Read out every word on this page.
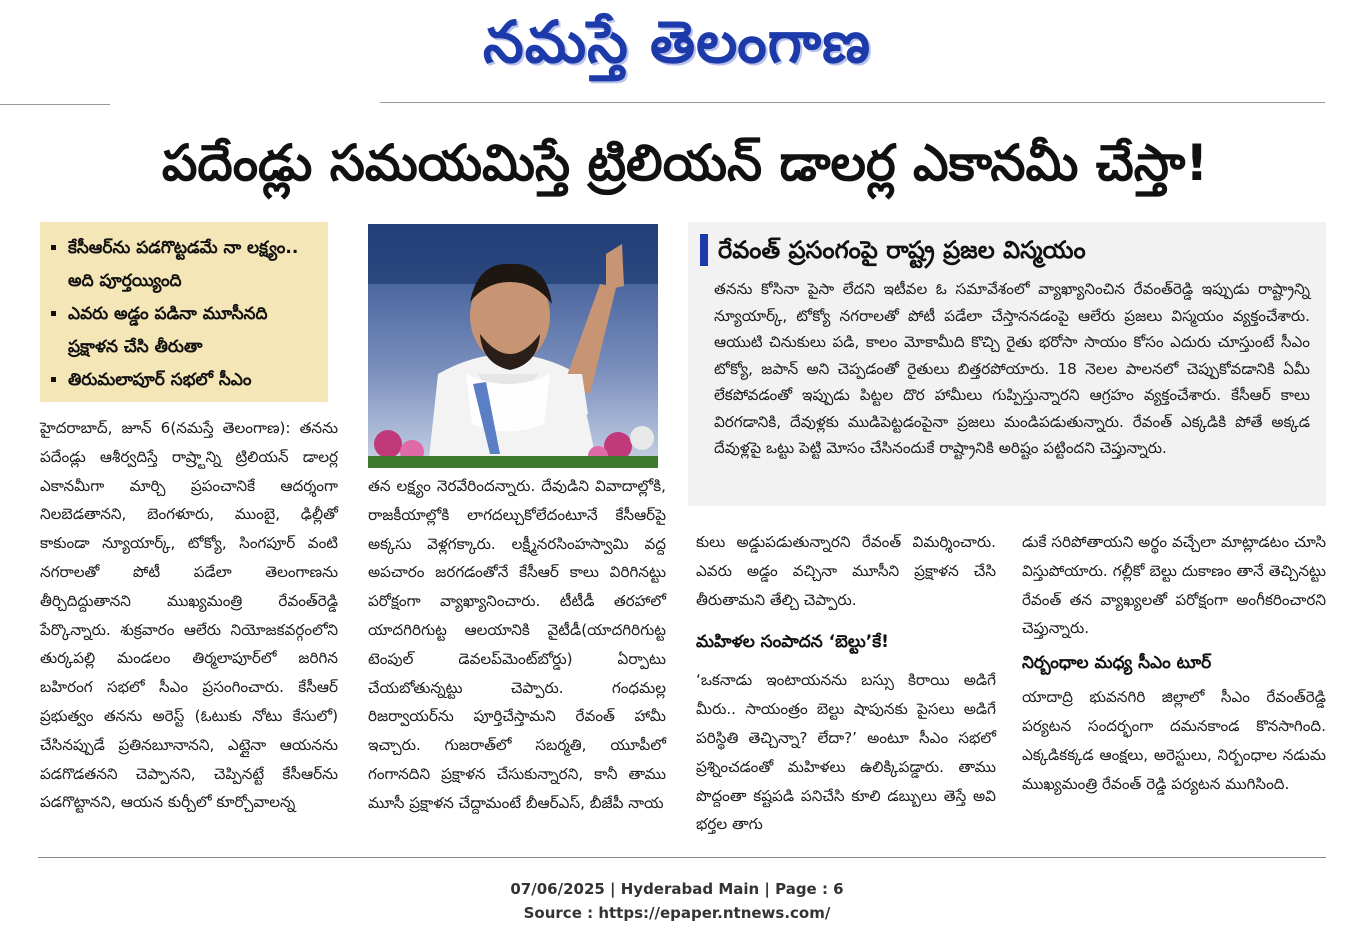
నమస్తే తెలంగాణ
పదేండ్లు సమయమిస్తే ట్రిలియన్ డాలర్ల ఎకానమీ చేస్తా!
▪ కేసీఆర్‌ను పడగొట్టడమే నా లక్ష్యం.. అది పూర్తయ్యింది
▪ ఎవరు అడ్డం పడినా మూసీనది ప్రక్షాళన చేసి తీరుతా
▪ తిరుమలాపూర్ సభలో సీఎం
రేవంత్ ప్రసంగంపై రాష్ట్ర ప్రజల విస్మయం

తనను కోసినా పైసా లేదని ఇటీవల ఓ సమావేశంలో వ్యాఖ్యానించిన రేవంత్‌రెడ్డి ఇప్పుడు రాష్ట్రాన్ని న్యూయార్క్, టోక్యో నగరాలతో పోటీ పడేలా చేస్తాననడంపై ఆలేరు ప్రజలు విస్మయం వ్యక్తంచేశారు. ఆయుటి చినుకులు పడి, కాలం మోకామీది కొచ్చి రైతు భరోసా సాయం కోసం ఎదురు చూస్తుంటే సీఎం టోక్యో, జపాన్ అని చెప్పడంతో రైతులు బిత్తరపోయారు. 18 నెలల పాలనలో చెప్పుకోవడానికి ఏమీ లేకపోవడంతో ఇప్పుడు పిట్టల దొర హామీలు గుప్పిస్తున్నారని ఆగ్రహం వ్యక్తంచేశారు. కేసీఆర్ కాలు విరగడానికి, దేవుళ్లకు ముడిపెట్టడంపైనా ప్రజలు మండిపడుతున్నారు. రేవంత్ ఎక్కడికి పోతే అక్కడ దేవుళ్లపై ఒట్టు పెట్టి మోసం చేసినందుకే రాష్ట్రానికి అరిష్టం పట్టిందని చెప్తున్నారు.

హైదరాబాద్, జూన్ 6(నమస్తే తెలంగాణ): తనను పదేండ్లు ఆశీర్వదిస్తే రాష్ర్టాన్ని ట్రిలియన్ డాలర్ల ఎకానమీగా మార్చి ప్రపంచానికే ఆదర్శంగా నిలబెడతానని, బెంగళూరు, ముంబై, ఢిల్లీతో కాకుండా న్యూయార్క్, టోక్యో, సింగపూర్ వంటి నగరాలతో పోటీ పడేలా తెలంగాణను తీర్చిదిద్దుతానని ముఖ్యమంత్రి రేవంత్‌రెడ్డి పేర్కొన్నారు. శుక్రవారం ఆలేరు నియోజకవర్గంలోని తుర్కపల్లి మండలం తిర్మలాపూర్‌లో జరిగిన బహిరంగ సభలో సీఎం ప్రసంగించారు. కేసీఆర్ ప్రభుత్వం తనను అరెస్ట్ (ఓటుకు నోటు కేసులో) చేసినప్పుడే ప్రతినబూనానని, ఎట్లైనా ఆయనను పడగొడతనని చెప్పానని, చెప్పినట్టే కేసీఆర్‌ను పడగొట్టానని, ఆయన కుర్చీలో కూర్చోవాలన్న

తన లక్ష్యం నెరవేరిందన్నారు. దేవుడిని వివాదాల్లోకి, రాజకీయాల్లోకి లాగదల్చుకోలేదంటూనే కేసీఆర్‌పై అక్కసు వెళ్లగక్కారు. లక్ష్మీనరసింహస్వామి వద్ద అపచారం జరగడంతోనే కేసీఆర్ కాలు విరిగినట్టు పరోక్షంగా వ్యాఖ్యానించారు. టీటీడీ తరహాలో యాదగిరిగుట్ట ఆలయానికి వైటీడీ(యాదగిరిగుట్ట టెంపుల్ డెవలప్‌మెంట్‌బోర్డు) ఏర్పాటు చేయబోతున్నట్టు చెప్పారు. గంధమల్ల రిజర్వాయర్‌ను పూర్తిచేస్తామని రేవంత్ హామీ ఇచ్చారు. గుజరాత్‌లో సబర్మతి, యూపీలో గంగానదిని ప్రక్షాళన చేసుకున్నారని, కానీ తాము మూసీ ప్రక్షాళన చేద్దామంటే బీఆర్‌ఎస్, బీజేపీ నాయ

కులు అడ్డుపడుతున్నారని రేవంత్ విమర్శించారు. ఎవరు అడ్డం వచ్చినా మూసీని ప్రక్షాళన చేసి తీరుతామని తేల్చి చెప్పారు.

మహిళల సంపాదన ‘బెల్టు’కే!

‘ఒకనాడు ఇంటాయనను బస్సు కిరాయి అడిగే మీరు.. సాయంత్రం బెల్టు షాపునకు పైసలు అడిగే పరిస్థితి తెచ్చిన్నా? లేదా?’ అంటూ సీఎం సభలో ప్రశ్నించడంతో మహిళలు ఉలిక్కిపడ్డారు. తాము పొద్దంతా కష్టపడి పనిచేసి కూలి డబ్బులు తెస్తే అవి భర్తల తాగు

డుకే సరిపోతాయని అర్థం వచ్చేలా మాట్లాడటం చూసి విస్తుపోయారు. గల్లీకో బెల్టు దుకాణం తానే తెచ్చినట్టు రేవంత్ తన వ్యాఖ్యలతో పరోక్షంగా అంగీకరించారని చెప్తున్నారు.

నిర్బంధాల మధ్య సీఎం టూర్

యాదాద్రి భువనగిరి జిల్లాలో సీఎం రేవంత్‌రెడ్డి పర్యటన సందర్భంగా దమనకాండ కొనసాగింది. ఎక్కడికక్కడ ఆంక్షలు, అరెస్టులు, నిర్బంధాల నడుమ ముఖ్యమంత్రి రేవంత్ రెడ్డి పర్యటన ముగిసింది.

07/06/2025 | Hyderabad Main | Page : 6
Source : https://epaper.ntnews.com/
